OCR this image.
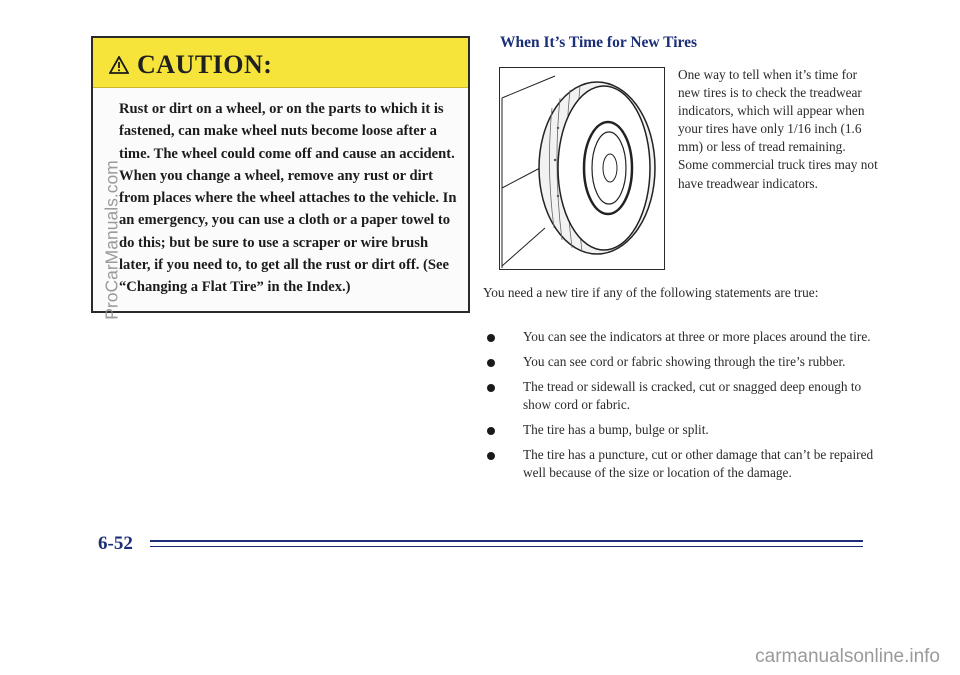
CAUTION:
Rust or dirt on a wheel, or on the parts to which it is fastened, can make wheel nuts become loose after a time. The wheel could come off and cause an accident. When you change a wheel, remove any rust or dirt from places where the wheel attaches to the vehicle. In an emergency, you can use a cloth or a paper towel to do this; but be sure to use a scraper or wire brush later, if you need to, to get all the rust or dirt off. (See “Changing a Flat Tire” in the Index.)
When It’s Time for New Tires
One way to tell when it’s time for new tires is to check the treadwear indicators, which will appear when your tires have only 1/16 inch (1.6 mm) or less of tread remaining. Some commercial truck tires may not have treadwear indicators.
You need a new tire if any of the following statements are true:
You can see the indicators at three or more places around the tire.
You can see cord or fabric showing through the tire’s rubber.
The tread or sidewall is cracked, cut or snagged deep enough to show cord or fabric.
The tire has a bump, bulge or split.
The tire has a puncture, cut or other damage that can’t be repaired well because of the size or location of the damage.
6-52
ProCarManuals.com
carmanualsonline.info
